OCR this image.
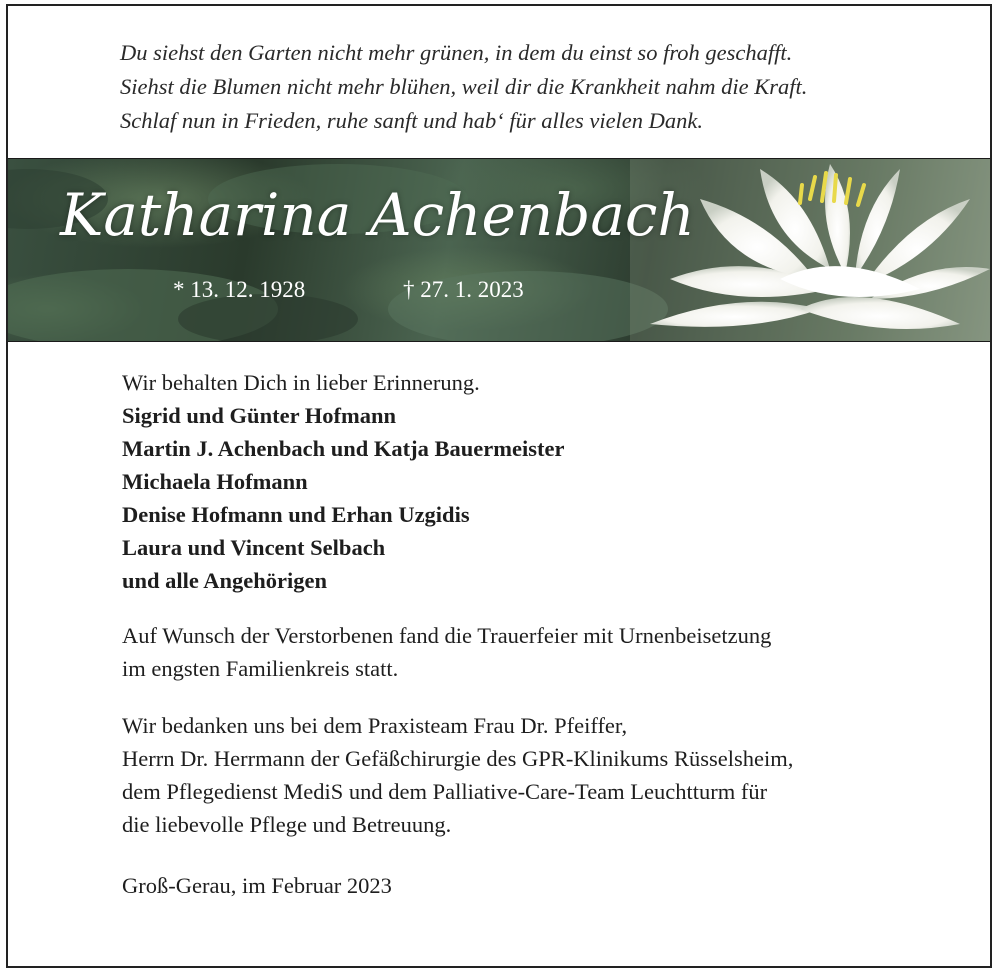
Du siehst den Garten nicht mehr grünen, in dem du einst so froh geschafft.
Siehst die Blumen nicht mehr blühen, weil dir die Krankheit nahm die Kraft.
Schlaf nun in Frieden, ruhe sanft und hab‘ für alles vielen Dank.
Katharina Achenbach
* 13. 12. 1928	† 27. 1. 2023

Wir behalten Dich in lieber Erinnerung.

Sigrid und Günter Hofmann

Martin J. Achenbach und Katja Bauermeister

Michaela Hofmann

Denise Hofmann und Erhan Uzgidis

Laura und Vincent Selbach

und alle Angehörigen

Auf Wunsch der Verstorbenen fand die Trauerfeier mit Urnenbeisetzung

im engsten Familienkreis statt.

Wir bedanken uns bei dem Praxisteam Frau Dr. Pfeiffer,

Herrn Dr. Herrmann der Gefäßchirurgie des GPR-Klinikums Rüsselsheim,

dem Pflegedienst MediS und dem Palliative-Care-Team Leuchtturm für

die liebevolle Pflege und Betreuung.

Groß-Gerau, im Februar 2023
